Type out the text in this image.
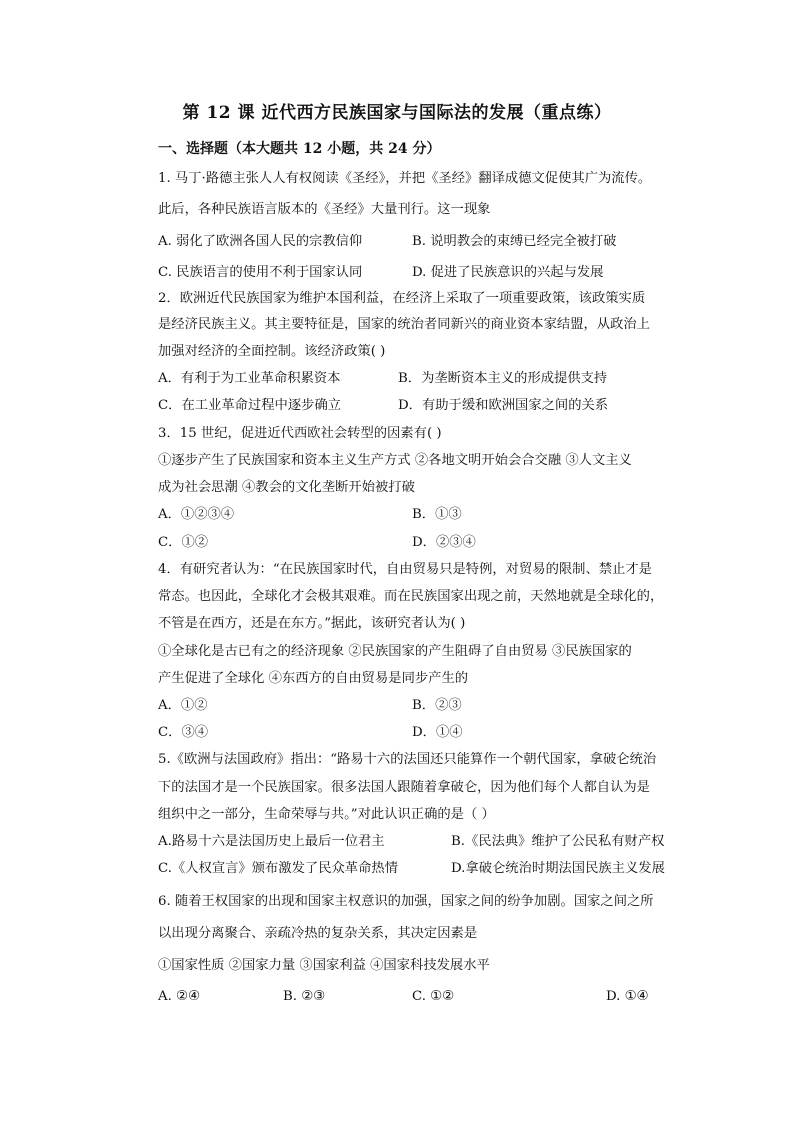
第 12 课 近代西方民族国家与国际法的发展（重点练）
一、选择题（本大题共 12 小题，共 24 分）
1. 马丁·路德主张人人有权阅读《圣经》，并把《圣经》翻译成德文促使其广为流传。
此后，各种民族语言版本的《圣经》大量刊行。这一现象
A. 弱化了欧洲各国人民的宗教信仰	B. 说明教会的束缚已经完全被打破
C. 民族语言的使用不利于国家认同	D. 促进了民族意识的兴起与发展
2．欧洲近代民族国家为维护本国利益，在经济上采取了一项重要政策，该政策实质
是经济民族主义。其主要特征是，国家的统治者同新兴的商业资本家结盟，从政治上
加强对经济的全面控制。该经济政策( )
A．有利于为工业革命积累资本	B．为垄断资本主义的形成提供支持
C．在工业革命过程中逐步确立	D．有助于缓和欧洲国家之间的关系
3．15 世纪，促进近代西欧社会转型的因素有( )
①逐步产生了民族国家和资本主义生产方式 ②各地文明开始会合交融 ③人文主义
成为社会思潮 ④教会的文化垄断开始被打破
A．①②③④	B．①③
C．①②	D．②③④
4．有研究者认为：“在民族国家时代，自由贸易只是特例，对贸易的限制、禁止才是
常态。也因此，全球化才会极其艰难。而在民族国家出现之前，天然地就是全球化的，
不管是在西方，还是在东方。”据此，该研究者认为( )
①全球化是古已有之的经济现象 ②民族国家的产生阻碍了自由贸易 ③民族国家的
产生促进了全球化 ④东西方的自由贸易是同步产生的
A．①②	B．②③
C．③④	D．①④
5.《欧洲与法国政府》指出：“路易十六的法国还只能算作一个朝代国家，拿破仑统治
下的法国才是一个民族国家。很多法国人跟随着拿破仑，因为他们每个人都自认为是
组织中之一部分，生命荣辱与共。”对此认识正确的是（ ）
A.路易十六是法国历史上最后一位君主	B.《民法典》维护了公民私有财产权
C.《人权宣言》颁布激发了民众革命热情	D.拿破仑统治时期法国民族主义发展
6. 随着王权国家的出现和国家主权意识的加强，国家之间的纷争加剧。国家之间之所
以出现分离聚合、亲疏冷热的复杂关系，其决定因素是
①国家性质 ②国家力量 ③国家利益 ④国家科技发展水平
A. ②④	B. ②③	C. ①②	D. ①④
